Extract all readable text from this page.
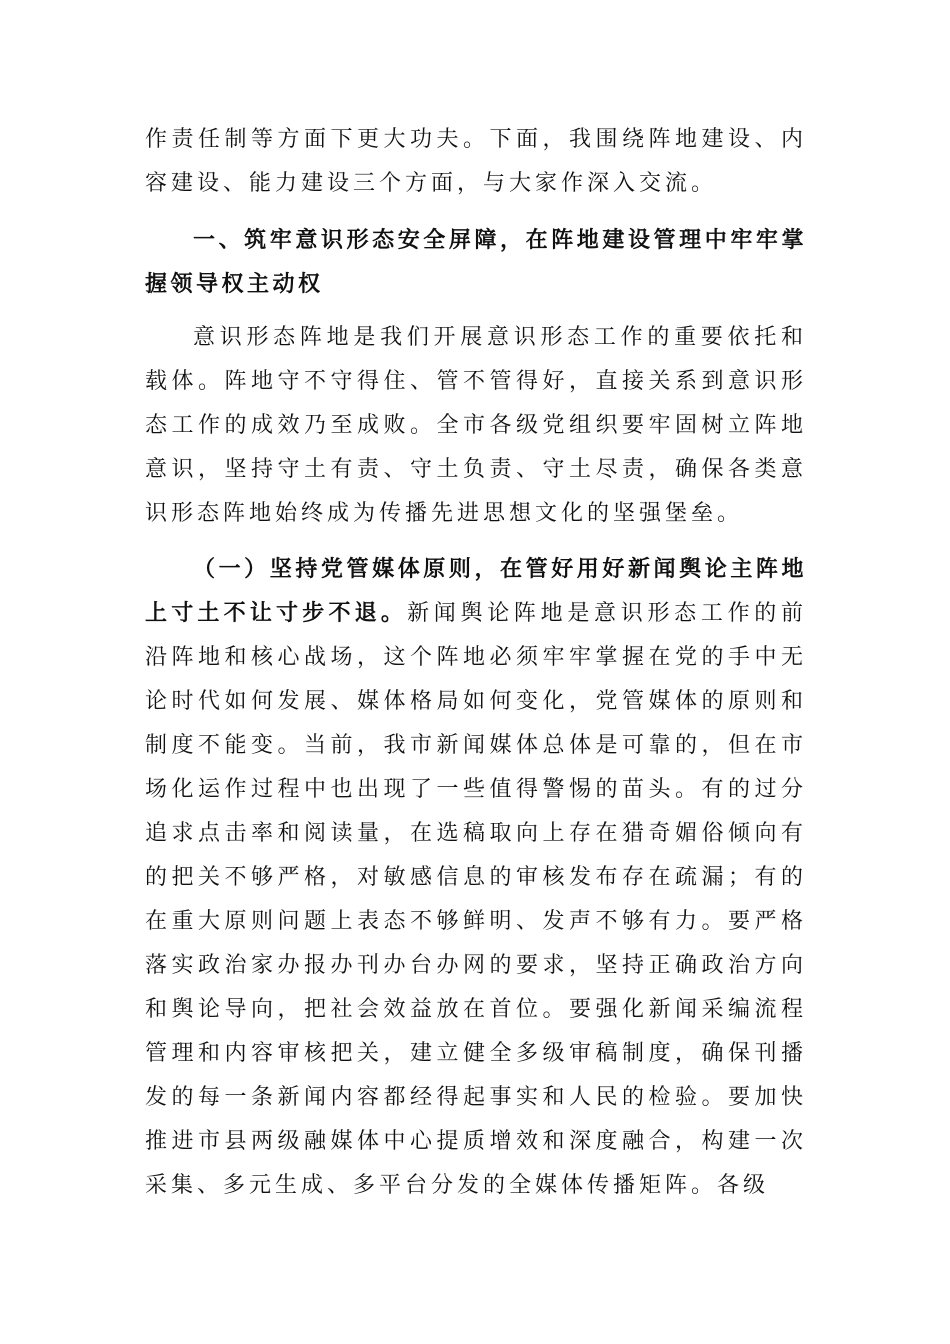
作责任制等方面下更大功夫。下面，我围绕阵地建设、内容建设、能力建设三个方面，与大家作深入交流。

一、筑牢意识形态安全屏障，在阵地建设管理中牢牢掌握领导权主动权

意识形态阵地是我们开展意识形态工作的重要依托和载体。阵地守不守得住、管不管得好，直接关系到意识形态工作的成效乃至成败。全市各级党组织要牢固树立阵地意识，坚持守土有责、守土负责、守土尽责，确保各类意识形态阵地始终成为传播先进思想文化的坚强堡垒。

（一）坚持党管媒体原则，在管好用好新闻舆论主阵地上寸土不让寸步不退。新闻舆论阵地是意识形态工作的前沿阵地和核心战场，这个阵地必须牢牢掌握在党的手中无论时代如何发展、媒体格局如何变化，党管媒体的原则和制度不能变。当前，我市新闻媒体总体是可靠的，但在市场化运作过程中也出现了一些值得警惕的苗头。有的过分追求点击率和阅读量，在选稿取向上存在猎奇媚俗倾向有的把关不够严格，对敏感信息的审核发布存在疏漏；有的在重大原则问题上表态不够鲜明、发声不够有力。要严格落实政治家办报办刊办台办网的要求，坚持正确政治方向和舆论导向，把社会效益放在首位。要强化新闻采编流程管理和内容审核把关，建立健全多级审稿制度，确保刊播发的每一条新闻内容都经得起事实和人民的检验。要加快推进市县两级融媒体中心提质增效和深度融合，构建一次采集、多元生成、多平台分发的全媒体传播矩阵。各级
